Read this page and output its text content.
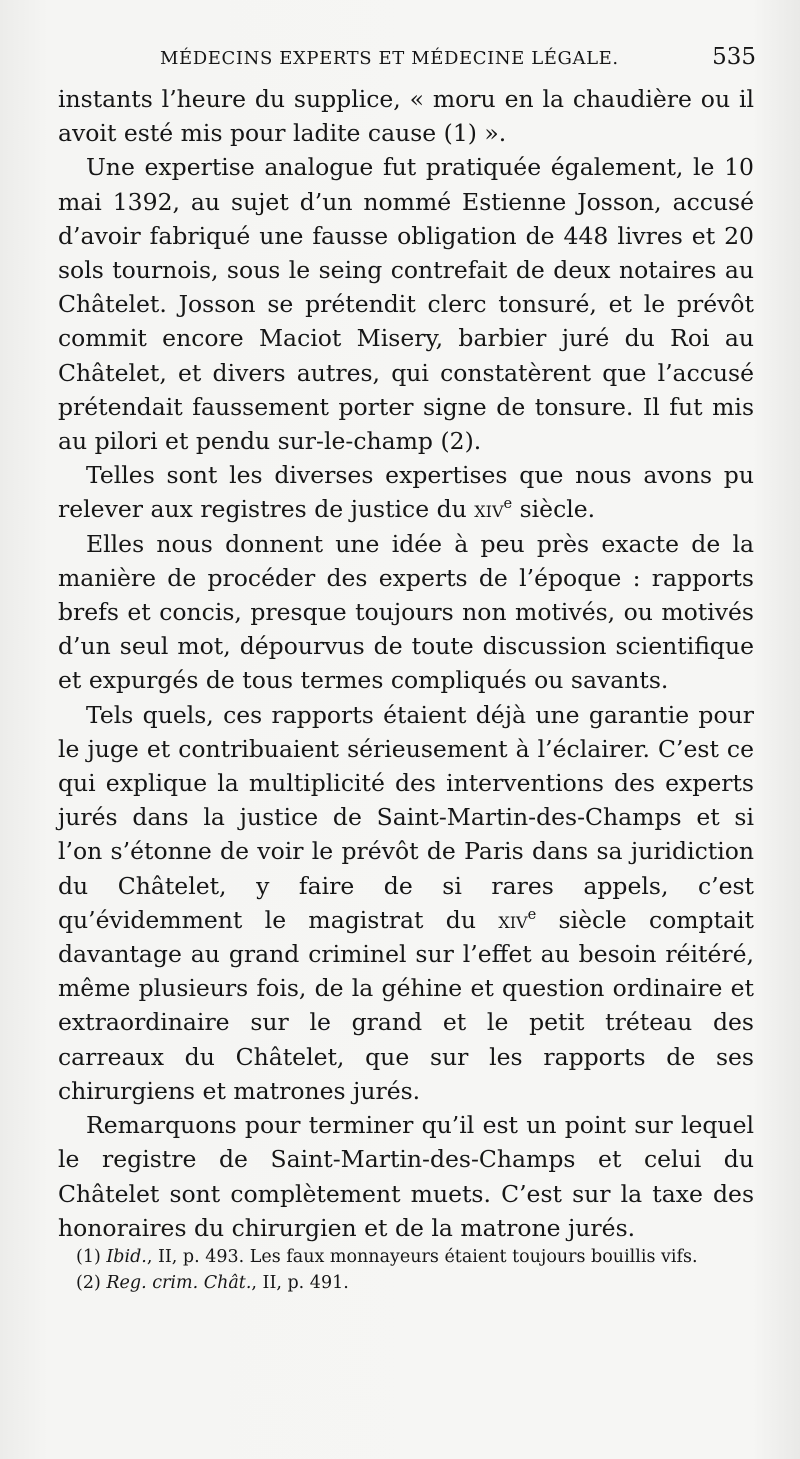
MÉDECINS EXPERTS ET MÉDECINE LÉGALE.	535

instants l’heure du supplice, « moru en la chaudière ou il avoit esté mis pour ladite cause (1) ».

Une expertise analogue fut pratiquée également, le 10 mai 1392, au sujet d’un nommé Estienne Josson, accusé d’avoir fabriqué une fausse obligation de 448 livres et 20 sols tournois, sous le seing contrefait de deux notaires au Châtelet. Josson se prétendit clerc tonsuré, et le prévôt commit encore Maciot Misery, barbier juré du Roi au Châtelet, et divers autres, qui constatèrent que l’accusé prétendait faussement porter signe de tonsure. Il fut mis au pilori et pendu sur-le-champ (2).

Telles sont les diverses expertises que nous avons pu relever aux registres de justice du xiv$^e$ siècle.

Elles nous donnent une idée à peu près exacte de la manière de procéder des experts de l’époque : rapports brefs et concis, presque toujours non motivés, ou motivés d’un seul mot, dépourvus de toute discussion scientifique et expurgés de tous termes compliqués ou savants.

Tels quels, ces rapports étaient déjà une garantie pour le juge et contribuaient sérieusement à l’éclairer. C’est ce qui explique la multiplicité des interventions des experts jurés dans la justice de Saint-Martin-des-Champs et si l’on s’étonne de voir le prévôt de Paris dans sa juridiction du Châtelet, y faire de si rares appels, c’est qu’évidemment le magistrat du xiv$^e$ siècle comptait davantage au grand criminel sur l’effet au besoin réitéré, même plusieurs fois, de la géhine et question ordinaire et extraordinaire sur le grand et le petit tréteau des carreaux du Châtelet, que sur les rapports de ses chirurgiens et matrones jurés.

Remarquons pour terminer qu’il est un point sur lequel le registre de Saint-Martin-des-Champs et celui du Châtelet sont complètement muets. C’est sur la taxe des honoraires du chirurgien et de la matrone jurés.

(1) Ibid., II, p. 493. Les faux monnayeurs étaient toujours bouillis vifs.

(2) Reg. crim. Chât., II, p. 491.
